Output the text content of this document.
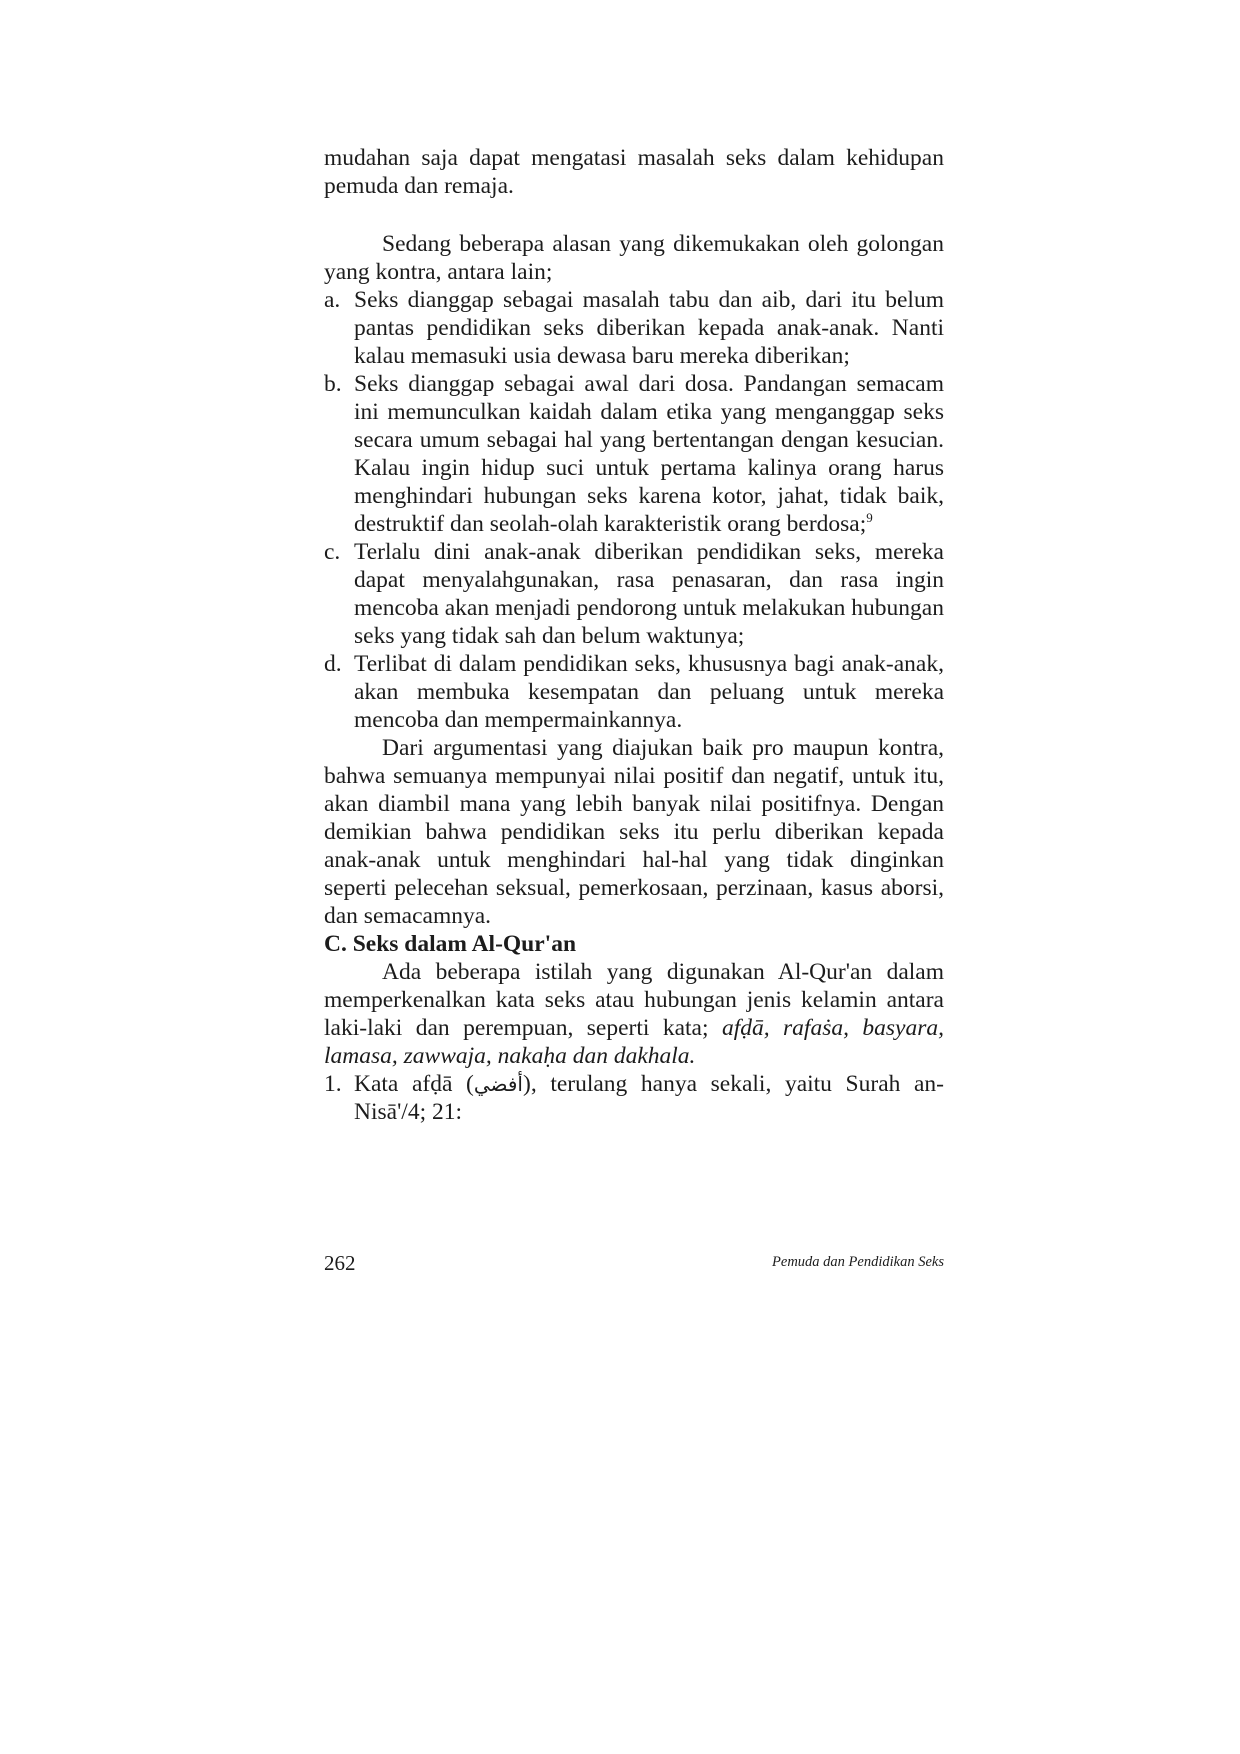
mudahan saja dapat mengatasi masalah seks dalam kehidupan pemuda dan remaja.

Sedang beberapa alasan yang dikemukakan oleh golongan yang kontra, antara lain;

a. Seks dianggap sebagai masalah tabu dan aib, dari itu belum pantas pendidikan seks diberikan kepada anak-anak. Nanti kalau memasuki usia dewasa baru mereka diberikan;
b. Seks dianggap sebagai awal dari dosa. Pandangan semacam ini memunculkan kaidah dalam etika yang menganggap seks secara umum sebagai hal yang bertentangan dengan kesucian. Kalau ingin hidup suci untuk pertama kalinya orang harus menghindari hubungan seks karena kotor, jahat, tidak baik, destruktif dan seolah-olah karakteristik orang berdosa;$^9$
c. Terlalu dini anak-anak diberikan pendidikan seks, mereka dapat menyalahgunakan, rasa penasaran, dan rasa ingin mencoba akan menjadi pendorong untuk melakukan hubungan seks yang tidak sah dan belum waktunya;
d. Terlibat di dalam pendidikan seks, khususnya bagi anak-anak, akan membuka kesempatan dan peluang untuk mereka mencoba dan mempermainkannya.

Dari argumentasi yang diajukan baik pro maupun kontra, bahwa semuanya mempunyai nilai positif dan negatif, untuk itu, akan diambil mana yang lebih banyak nilai positifnya. Dengan demikian bahwa pendidikan seks itu perlu diberikan kepada anak-anak untuk menghindari hal-hal yang tidak dinginkan seperti pelecehan seksual, pemerkosaan, perzinaan, kasus aborsi, dan semacamnya.

C. Seks dalam Al-Qur'an

Ada beberapa istilah yang digunakan Al-Qur'an dalam memperkenalkan kata seks atau hubungan jenis kelamin antara laki-laki dan perempuan, seperti kata; afḍā, rafaṡa, basyara, lamasa, zawwaja, nakaḥa dan dakhala.

1. Kata afḍā (أفضي), terulang hanya sekali, yaitu Surah an-Nisā'/4; 21:
262	Pemuda dan Pendidikan Seks
